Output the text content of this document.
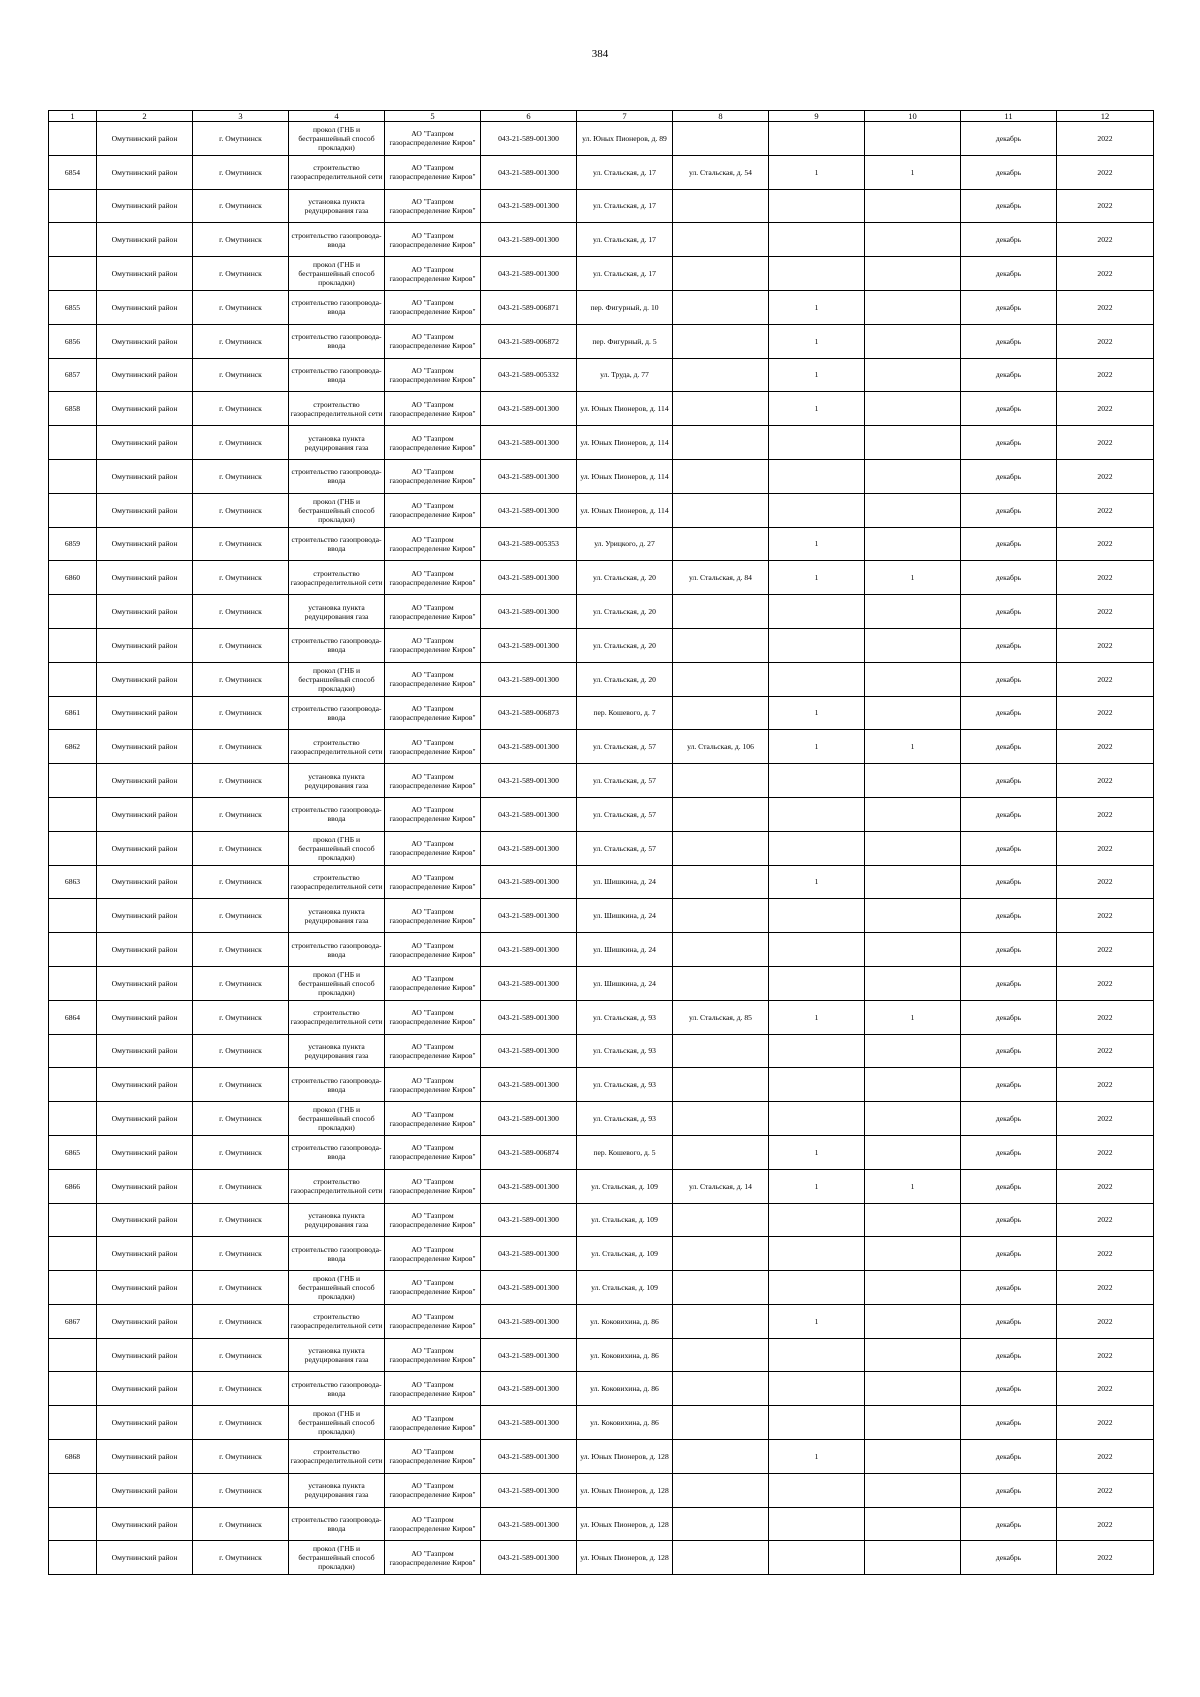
384
1	2	3	4	5	6	7	8	9	10	11	12
	Омутнинский район	г. Омутнинск	прокол (ГНБ и бестраншейный способ прокладки)	АО "Газпром газораспределение Киров"	043-21-589-001300	ул. Юных Пионеров, д. 89				декабрь	2022
6854	Омутнинский район	г. Омутнинск	строительство газораспределительной сети	АО "Газпром газораспределение Киров"	043-21-589-001300	ул. Стальская, д. 17	ул. Стальская, д. 54	1	1	декабрь	2022
	Омутнинский район	г. Омутнинск	установка пункта редуцирования газа	АО "Газпром газораспределение Киров"	043-21-589-001300	ул. Стальская, д. 17				декабрь	2022
	Омутнинский район	г. Омутнинск	строительство газопровода-ввода	АО "Газпром газораспределение Киров"	043-21-589-001300	ул. Стальская, д. 17				декабрь	2022
	Омутнинский район	г. Омутнинск	прокол (ГНБ и бестраншейный способ прокладки)	АО "Газпром газораспределение Киров"	043-21-589-001300	ул. Стальская, д. 17				декабрь	2022
6855	Омутнинский район	г. Омутнинск	строительство газопровода-ввода	АО "Газпром газораспределение Киров"	043-21-589-006871	пер. Фигурный, д. 10		1		декабрь	2022
6856	Омутнинский район	г. Омутнинск	строительство газопровода-ввода	АО "Газпром газораспределение Киров"	043-21-589-006872	пер. Фигурный, д. 5		1		декабрь	2022
6857	Омутнинский район	г. Омутнинск	строительство газопровода-ввода	АО "Газпром газораспределение Киров"	043-21-589-005332	ул. Труда, д. 77		1		декабрь	2022
6858	Омутнинский район	г. Омутнинск	строительство газораспределительной сети	АО "Газпром газораспределение Киров"	043-21-589-001300	ул. Юных Пионеров, д. 114		1		декабрь	2022
	Омутнинский район	г. Омутнинск	установка пункта редуцирования газа	АО "Газпром газораспределение Киров"	043-21-589-001300	ул. Юных Пионеров, д. 114				декабрь	2022
	Омутнинский район	г. Омутнинск	строительство газопровода-ввода	АО "Газпром газораспределение Киров"	043-21-589-001300	ул. Юных Пионеров, д. 114				декабрь	2022
	Омутнинский район	г. Омутнинск	прокол (ГНБ и бестраншейный способ прокладки)	АО "Газпром газораспределение Киров"	043-21-589-001300	ул. Юных Пионеров, д. 114				декабрь	2022
6859	Омутнинский район	г. Омутнинск	строительство газопровода-ввода	АО "Газпром газораспределение Киров"	043-21-589-005353	ул. Урицкого, д. 27		1		декабрь	2022
6860	Омутнинский район	г. Омутнинск	строительство газораспределительной сети	АО "Газпром газораспределение Киров"	043-21-589-001300	ул. Стальская, д. 20	ул. Стальская, д. 84	1	1	декабрь	2022
	Омутнинский район	г. Омутнинск	установка пункта редуцирования газа	АО "Газпром газораспределение Киров"	043-21-589-001300	ул. Стальская, д. 20				декабрь	2022
	Омутнинский район	г. Омутнинск	строительство газопровода-ввода	АО "Газпром газораспределение Киров"	043-21-589-001300	ул. Стальская, д. 20				декабрь	2022
	Омутнинский район	г. Омутнинск	прокол (ГНБ и бестраншейный способ прокладки)	АО "Газпром газораспределение Киров"	043-21-589-001300	ул. Стальская, д. 20				декабрь	2022
6861	Омутнинский район	г. Омутнинск	строительство газопровода-ввода	АО "Газпром газораспределение Киров"	043-21-589-006873	пер. Кошевого, д. 7		1		декабрь	2022
6862	Омутнинский район	г. Омутнинск	строительство газораспределительной сети	АО "Газпром газораспределение Киров"	043-21-589-001300	ул. Стальская, д. 57	ул. Стальская, д. 106	1	1	декабрь	2022
	Омутнинский район	г. Омутнинск	установка пункта редуцирования газа	АО "Газпром газораспределение Киров"	043-21-589-001300	ул. Стальская, д. 57				декабрь	2022
	Омутнинский район	г. Омутнинск	строительство газопровода-ввода	АО "Газпром газораспределение Киров"	043-21-589-001300	ул. Стальская, д. 57				декабрь	2022
	Омутнинский район	г. Омутнинск	прокол (ГНБ и бестраншейный способ прокладки)	АО "Газпром газораспределение Киров"	043-21-589-001300	ул. Стальская, д. 57				декабрь	2022
6863	Омутнинский район	г. Омутнинск	строительство газораспределительной сети	АО "Газпром газораспределение Киров"	043-21-589-001300	ул. Шишкина, д. 24		1		декабрь	2022
	Омутнинский район	г. Омутнинск	установка пункта редуцирования газа	АО "Газпром газораспределение Киров"	043-21-589-001300	ул. Шишкина, д. 24				декабрь	2022
	Омутнинский район	г. Омутнинск	строительство газопровода-ввода	АО "Газпром газораспределение Киров"	043-21-589-001300	ул. Шишкина, д. 24				декабрь	2022
	Омутнинский район	г. Омутнинск	прокол (ГНБ и бестраншейный способ прокладки)	АО "Газпром газораспределение Киров"	043-21-589-001300	ул. Шишкина, д. 24				декабрь	2022
6864	Омутнинский район	г. Омутнинск	строительство газораспределительной сети	АО "Газпром газораспределение Киров"	043-21-589-001300	ул. Стальская, д. 93	ул. Стальская, д. 85	1	1	декабрь	2022
	Омутнинский район	г. Омутнинск	установка пункта редуцирования газа	АО "Газпром газораспределение Киров"	043-21-589-001300	ул. Стальская, д. 93				декабрь	2022
	Омутнинский район	г. Омутнинск	строительство газопровода-ввода	АО "Газпром газораспределение Киров"	043-21-589-001300	ул. Стальская, д. 93				декабрь	2022
	Омутнинский район	г. Омутнинск	прокол (ГНБ и бестраншейный способ прокладки)	АО "Газпром газораспределение Киров"	043-21-589-001300	ул. Стальская, д. 93				декабрь	2022
6865	Омутнинский район	г. Омутнинск	строительство газопровода-ввода	АО "Газпром газораспределение Киров"	043-21-589-006874	пер. Кошевого, д. 5		1		декабрь	2022
6866	Омутнинский район	г. Омутнинск	строительство газораспределительной сети	АО "Газпром газораспределение Киров"	043-21-589-001300	ул. Стальская, д. 109	ул. Стальская, д. 14	1	1	декабрь	2022
	Омутнинский район	г. Омутнинск	установка пункта редуцирования газа	АО "Газпром газораспределение Киров"	043-21-589-001300	ул. Стальская, д. 109				декабрь	2022
	Омутнинский район	г. Омутнинск	строительство газопровода-ввода	АО "Газпром газораспределение Киров"	043-21-589-001300	ул. Стальская, д. 109				декабрь	2022
	Омутнинский район	г. Омутнинск	прокол (ГНБ и бестраншейный способ прокладки)	АО "Газпром газораспределение Киров"	043-21-589-001300	ул. Стальская, д. 109				декабрь	2022
6867	Омутнинский район	г. Омутнинск	строительство газораспределительной сети	АО "Газпром газораспределение Киров"	043-21-589-001300	ул. Коковихина, д. 86		1		декабрь	2022
	Омутнинский район	г. Омутнинск	установка пункта редуцирования газа	АО "Газпром газораспределение Киров"	043-21-589-001300	ул. Коковихина, д. 86				декабрь	2022
	Омутнинский район	г. Омутнинск	строительство газопровода-ввода	АО "Газпром газораспределение Киров"	043-21-589-001300	ул. Коковихина, д. 86				декабрь	2022
	Омутнинский район	г. Омутнинск	прокол (ГНБ и бестраншейный способ прокладки)	АО "Газпром газораспределение Киров"	043-21-589-001300	ул. Коковихина, д. 86				декабрь	2022
6868	Омутнинский район	г. Омутнинск	строительство газораспределительной сети	АО "Газпром газораспределение Киров"	043-21-589-001300	ул. Юных Пионеров, д. 128		1		декабрь	2022
	Омутнинский район	г. Омутнинск	установка пункта редуцирования газа	АО "Газпром газораспределение Киров"	043-21-589-001300	ул. Юных Пионеров, д. 128				декабрь	2022
	Омутнинский район	г. Омутнинск	строительство газопровода-ввода	АО "Газпром газораспределение Киров"	043-21-589-001300	ул. Юных Пионеров, д. 128				декабрь	2022
	Омутнинский район	г. Омутнинск	прокол (ГНБ и бестраншейный способ прокладки)	АО "Газпром газораспределение Киров"	043-21-589-001300	ул. Юных Пионеров, д. 128				декабрь	2022
